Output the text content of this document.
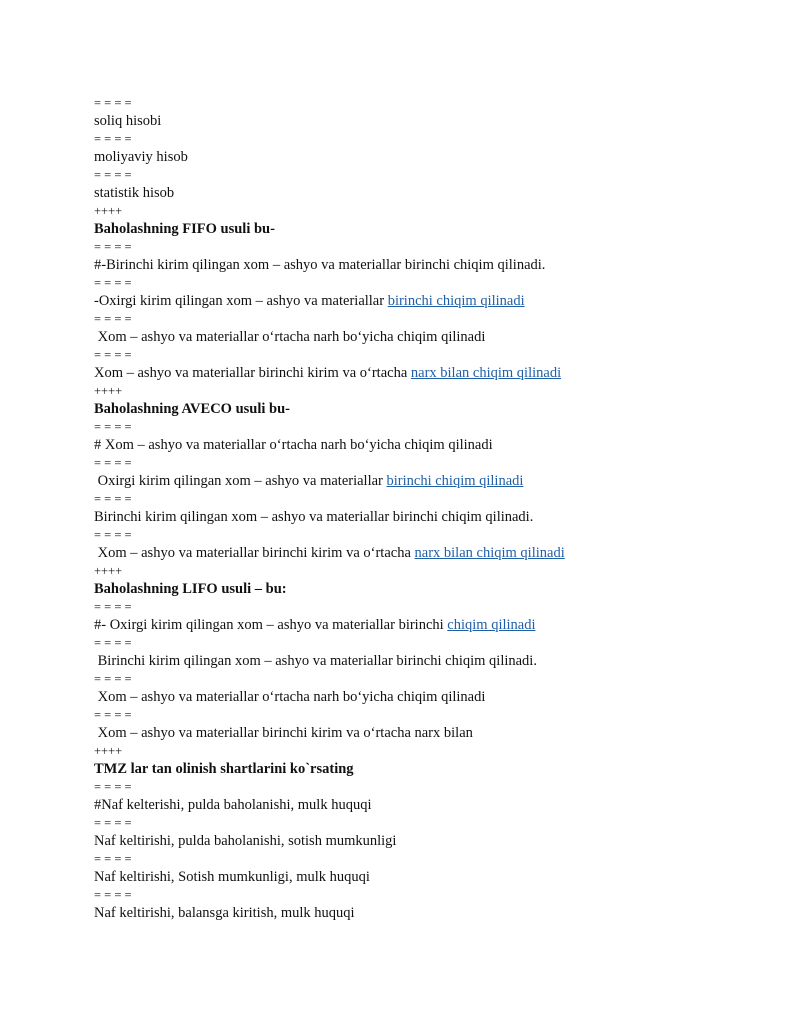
= = = =
soliq hisobi
= = = =
moliyaviy hisob
= = = =
statistik hisob
++++
Baholashning FIFO usuli bu-
= = = =
#-Birinchi kirim qilingan xom – ashyo va materiallar birinchi chiqim qilinadi.
= = = =
-Oxirgi kirim qilingan xom – ashyo va materiallar birinchi chiqim qilinadi
= = = =
Xom – ashyo va materiallar o‘rtacha narh bo‘yicha chiqim qilinadi
= = = =
Xom – ashyo va materiallar birinchi kirim va o‘rtacha narx bilan chiqim qilinadi
++++
Baholashning AVECO usuli bu-
= = = =
# Xom – ashyo va materiallar o‘rtacha narh bo‘yicha chiqim qilinadi
= = = =
Oxirgi kirim qilingan xom – ashyo va materiallar birinchi chiqim qilinadi
= = = =
Birinchi kirim qilingan xom – ashyo va materiallar birinchi chiqim qilinadi.
= = = =
Xom – ashyo va materiallar birinchi kirim va o‘rtacha narx bilan chiqim qilinadi
++++
Baholashning LIFO usuli – bu:
= = = =
#- Oxirgi kirim qilingan xom – ashyo va materiallar birinchi chiqim qilinadi
= = = =
Birinchi kirim qilingan xom – ashyo va materiallar birinchi chiqim qilinadi.
= = = =
Xom – ashyo va materiallar o‘rtacha narh bo‘yicha chiqim qilinadi
= = = =
Xom – ashyo va materiallar birinchi kirim va o‘rtacha narx bilan
++++
TMZ lar tan olinish shartlarini ko`rsating
= = = =
#Naf kelterishi, pulda baholanishi, mulk huquqi
= = = =
Naf keltirishi, pulda baholanishi, sotish mumkunligi
= = = =
Naf keltirishi, Sotish mumkunligi, mulk huquqi
= = = =
Naf keltirishi, balansga kiritish, mulk huquqi
